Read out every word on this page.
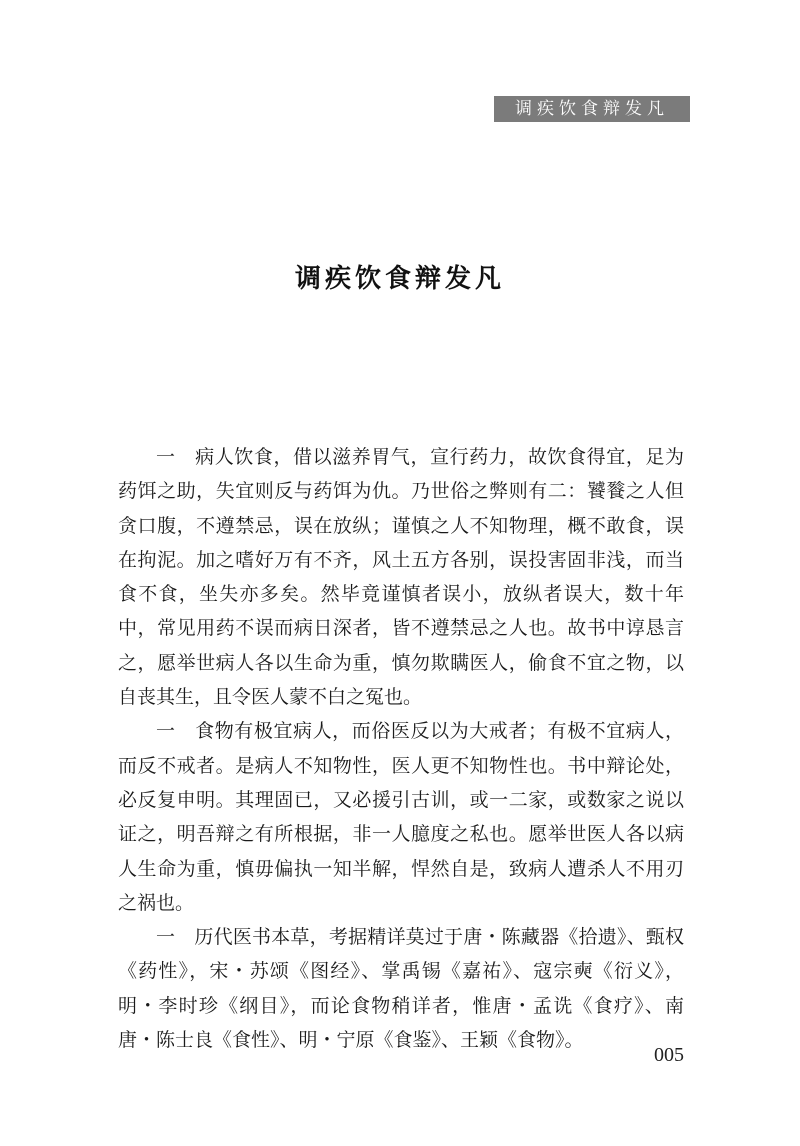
调疾饮食辩发凡
调疾饮食辩发凡

一　病人饮食，借以滋养胃气，宣行药力，故饮食得宜，足为药饵之助，失宜则反与药饵为仇。乃世俗之弊则有二：饕餮之人但贪口腹，不遵禁忌，误在放纵；谨慎之人不知物理，概不敢食，误在拘泥。加之嗜好万有不齐，风土五方各别，误投害固非浅，而当食不食，坐失亦多矣。然毕竟谨慎者误小，放纵者误大，数十年中，常见用药不误而病日深者，皆不遵禁忌之人也。故书中谆恳言之，愿举世病人各以生命为重，慎勿欺瞒医人，偷食不宜之物，以自丧其生，且令医人蒙不白之冤也。

一　食物有极宜病人，而俗医反以为大戒者；有极不宜病人，而反不戒者。是病人不知物性，医人更不知物性也。书中辩论处，必反复申明。其理固已，又必援引古训，或一二家，或数家之说以证之，明吾辩之有所根据，非一人臆度之私也。愿举世医人各以病人生命为重，慎毋偏执一知半解，悍然自是，致病人遭杀人不用刃之祸也。

一　历代医书本草，考据精详莫过于唐・陈藏器《拾遗》、甄权《药性》，宋・苏颂《图经》、掌禹锡《嘉祐》、寇宗奭《衍义》，明・李时珍《纲目》，而论食物稍详者，惟唐・孟诜《食疗》、南唐・陈士良《食性》、明・宁原《食鉴》、王颖《食物》。

005
